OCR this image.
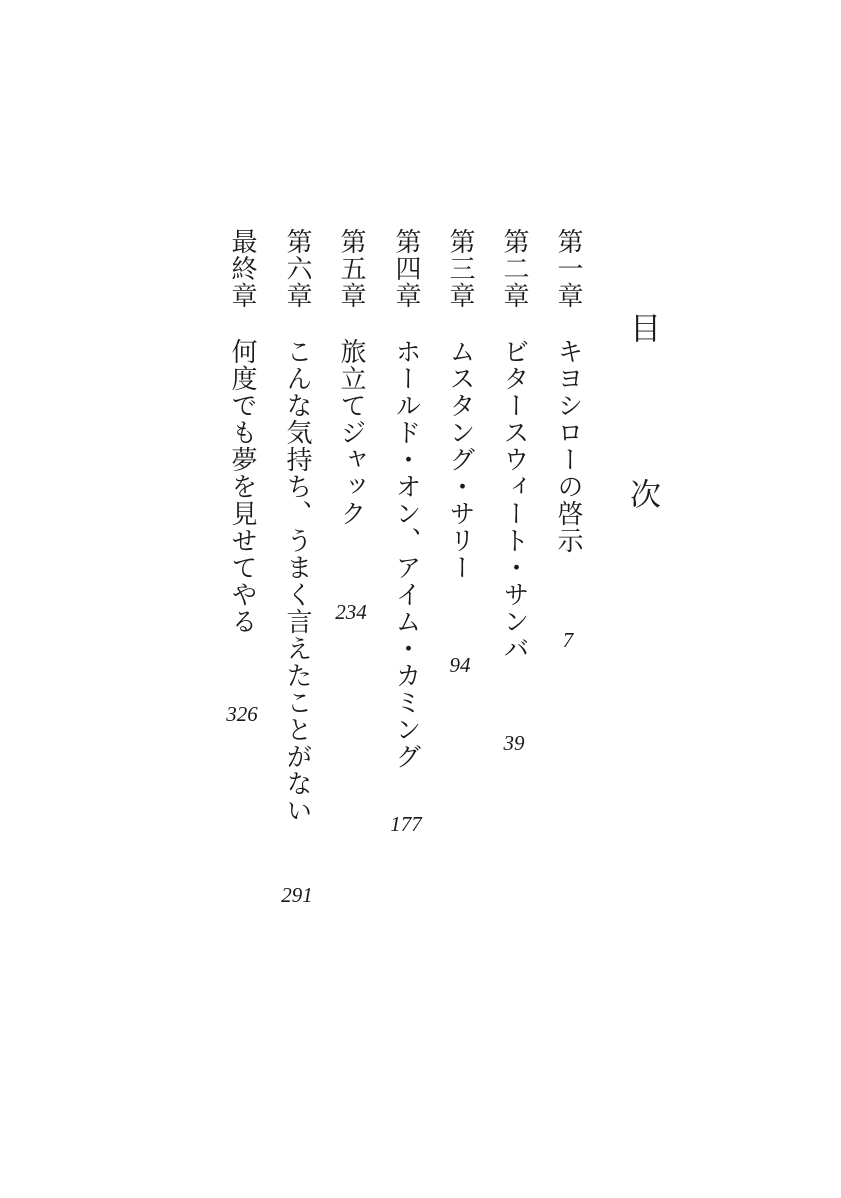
目　次
第一章
キヨシローの啓示
7
第二章
ビタースウィート・サンバ
39
第三章
ムスタング・サリー
94
第四章
ホールド・オン、アイム・カミング
177
第五章
旅立てジャック
234
第六章
こんな気持ち、うまく言えたことがない
291
最終章
何度でも夢を見せてやる
326
